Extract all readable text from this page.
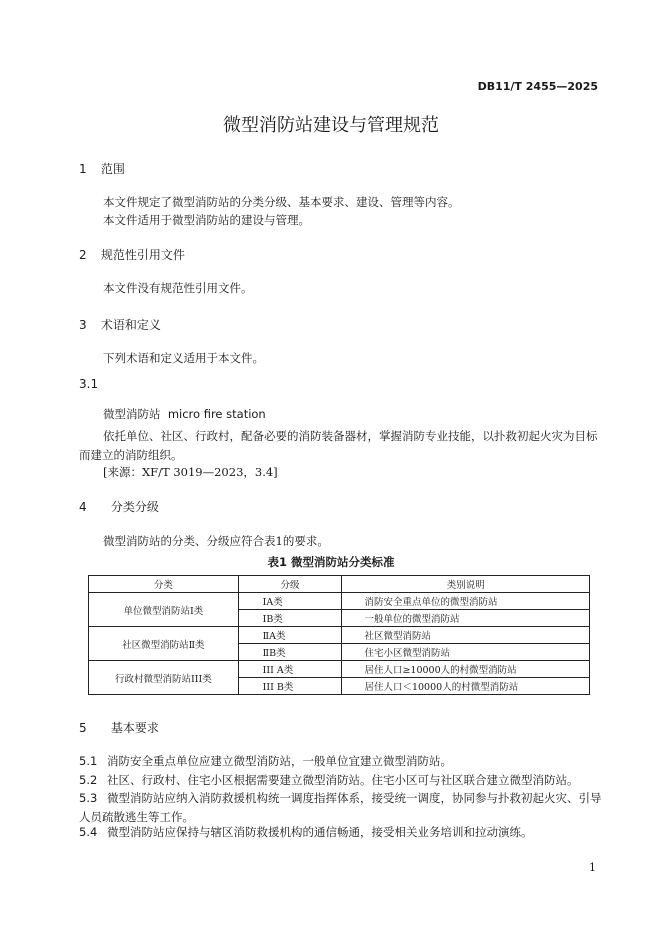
DB11/T 2455—2025
微型消防站建设与管理规范
1 范围
本文件规定了微型消防站的分类分级、基本要求、建设、管理等内容。
本文件适用于微型消防站的建设与管理。
2 规范性引用文件
本文件没有规范性引用文件。
3 术语和定义
下列术语和定义适用于本文件。
3.1
微型消防站 micro fire station
依托单位、社区、行政村，配备必要的消防装备器材，掌握消防专业技能，以扑救初起火灾为目标而建立的消防组织。
[来源：XF/T 3019—2023，3.4]
4 分类分级
微型消防站的分类、分级应符合表1的要求。
表1 微型消防站分类标准
分类	分级	类别说明
单位微型消防站I类	ⅠA类	消防安全重点单位的微型消防站
	ⅠB类	一般单位的微型消防站
社区微型消防站Ⅱ类	ⅡA类	社区微型消防站
	ⅡB类	住宅小区微型消防站
行政村微型消防站III类	III A类	居住人口≥10000人的村微型消防站
	III B类	居住人口＜10000人的村微型消防站
5 基本要求
5.1 消防安全重点单位应建立微型消防站，一般单位宜建立微型消防站。
5.2 社区、行政村、住宅小区根据需要建立微型消防站。住宅小区可与社区联合建立微型消防站。
5.3 微型消防站应纳入消防救援机构统一调度指挥体系，接受统一调度，协同参与扑救初起火灾、引导人员疏散逃生等工作。
5.4 微型消防站应保持与辖区消防救援机构的通信畅通，接受相关业务培训和拉动演练。
1
